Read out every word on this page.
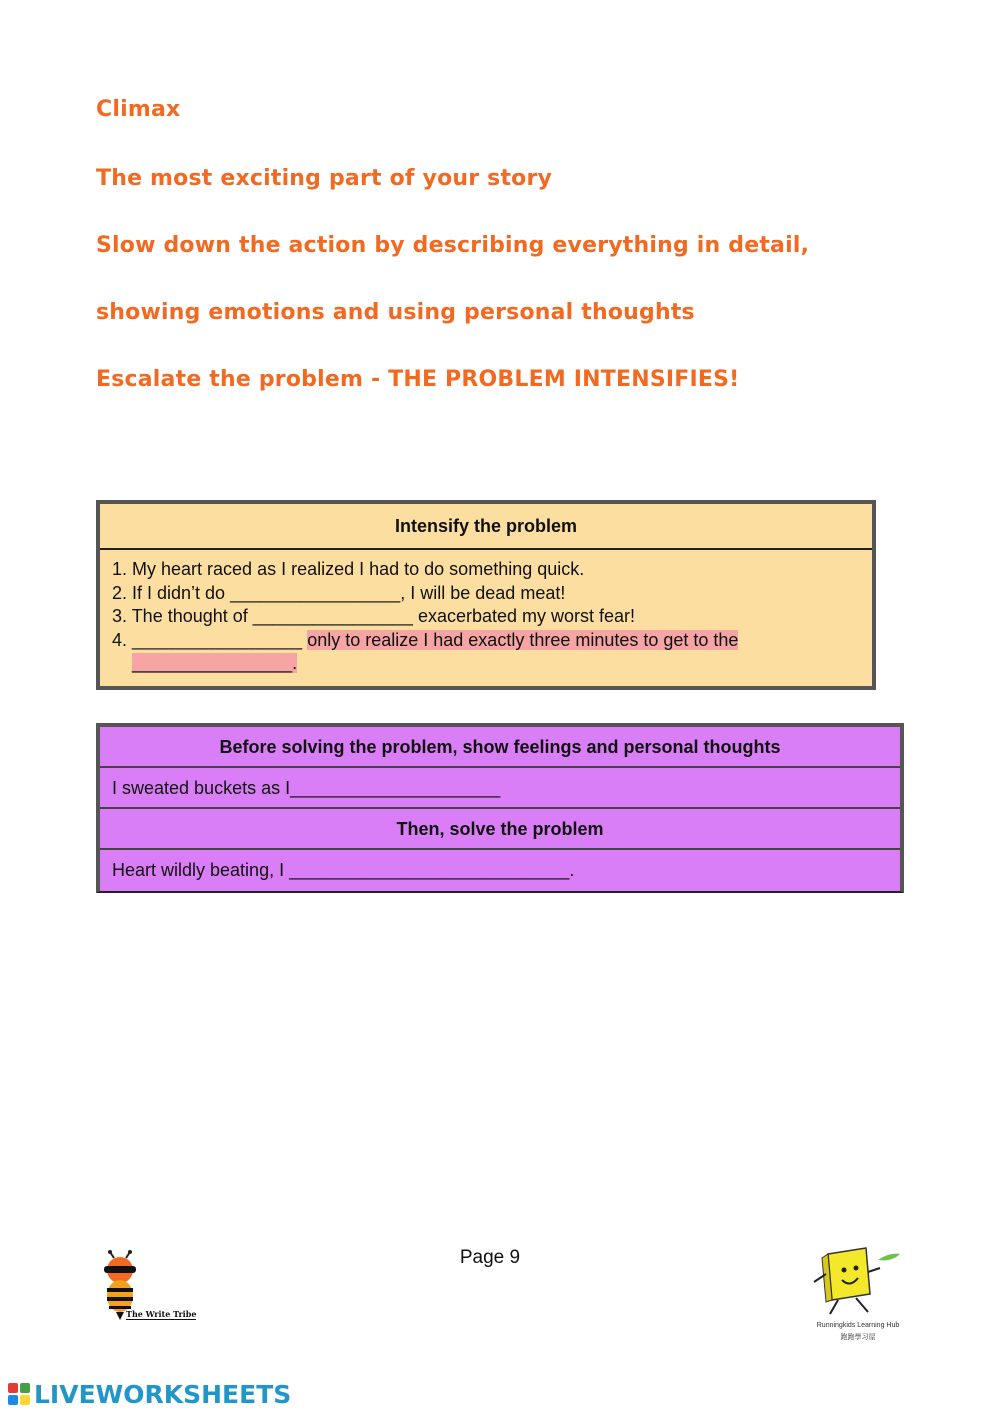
Climax
The most exciting part of your story
Slow down the action by describing everything in detail,
showing emotions and using personal thoughts
Escalate the problem - THE PROBLEM INTENSIFIES!
Intensify the problem
1. My heart raced as I realized I had to do something quick.
2. If I didn’t do _________________, I will be dead meat!
3. The thought of ________________ exacerbated my worst fear!
4. _________________ only to realize I had exactly three minutes to get to the
________________.
Before solving the problem, show feelings and personal thoughts
I sweated buckets as I_____________________
Then, solve the problem
Heart wildly beating, I ____________________________.
Page 9
The Write Tribe
Runningkids Learning Hub
跑跑學习屋
LIVEWORKSHEETS
